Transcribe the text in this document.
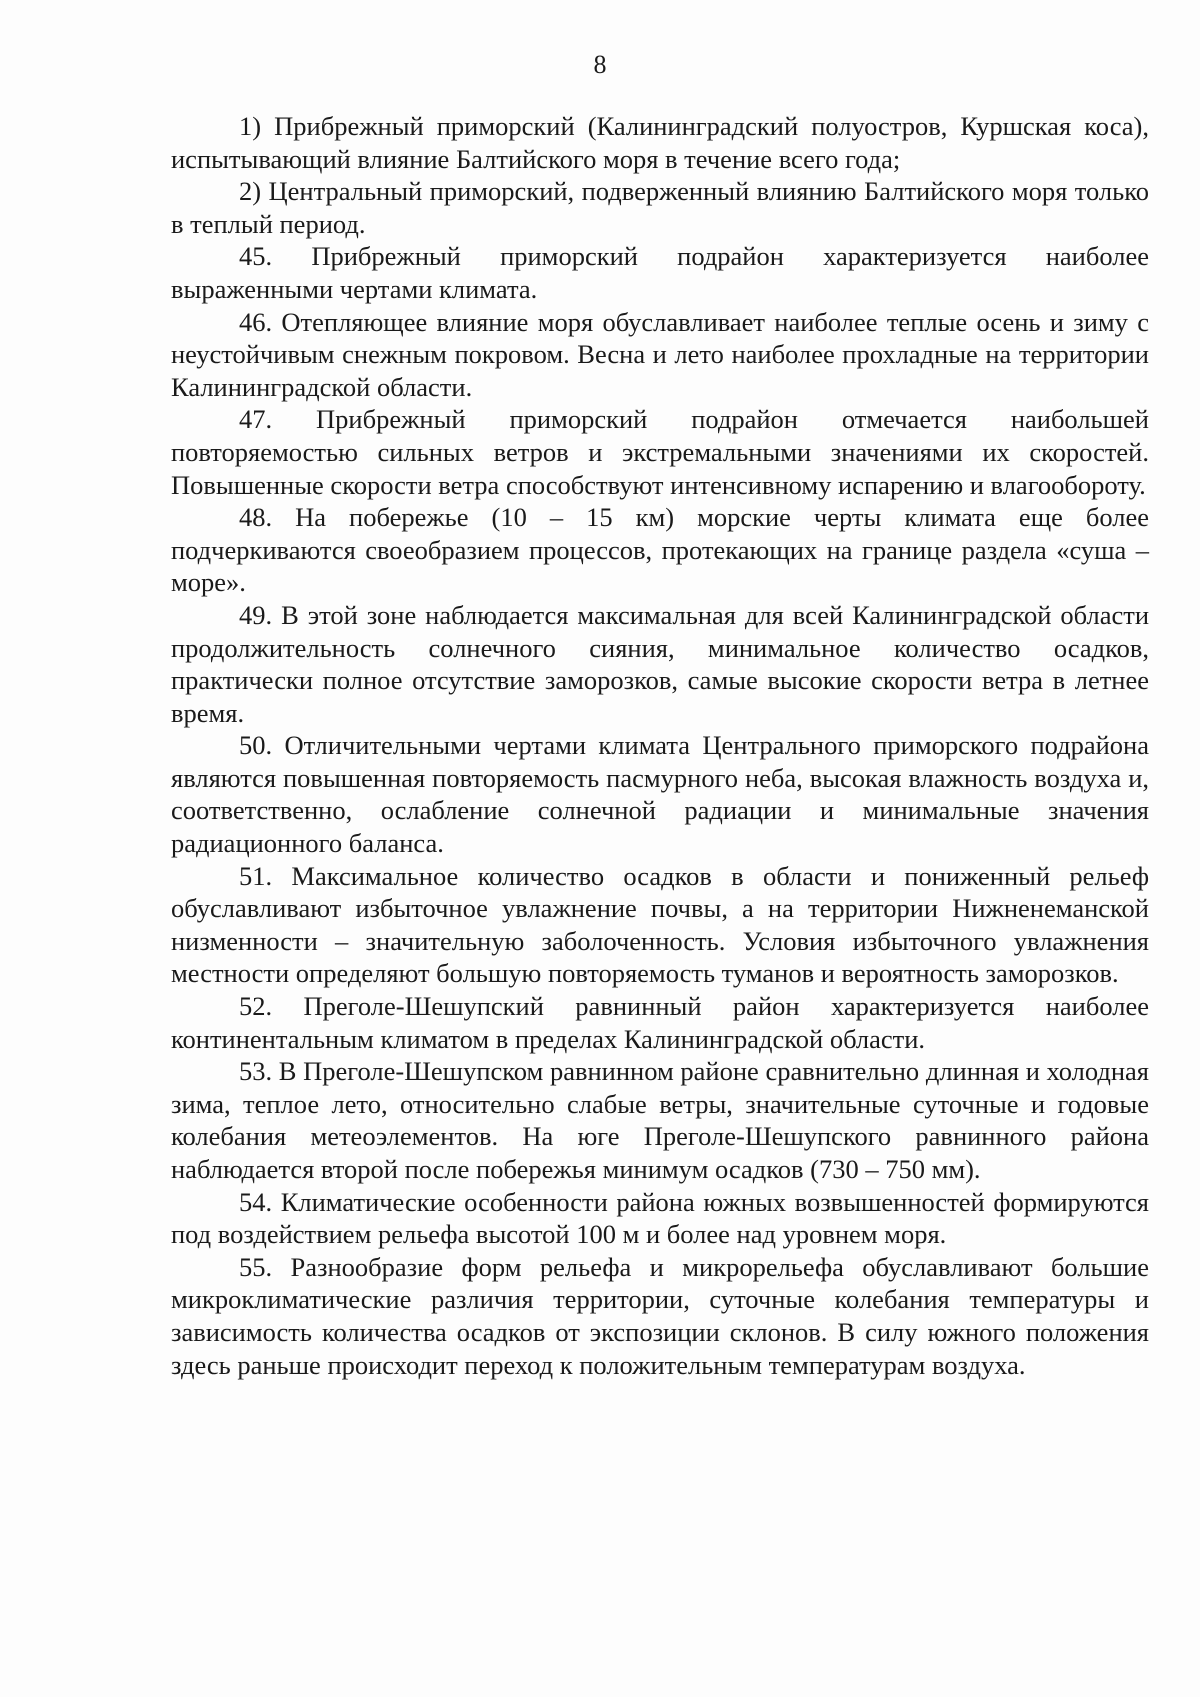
8

1) Прибрежный приморский (Калининградский полуостров, Куршская коса), испытывающий влияние Балтийского моря в течение всего года;

2) Центральный приморский, подверженный влиянию Балтийского моря только в теплый период.

45. Прибрежный приморский подрайон характеризуется наиболее выраженными чертами климата.

46. Отепляющее влияние моря обуславливает наиболее теплые осень и зиму с неустойчивым снежным покровом. Весна и лето наиболее прохладные на территории Калининградской области.

47. Прибрежный приморский подрайон отмечается наибольшей повторяемостью сильных ветров и экстремальными значениями их скоростей. Повышенные скорости ветра способствуют интенсивному испарению и влагообороту.

48. На побережье (10 – 15 км) морские черты климата еще более подчеркиваются своеобразием процессов, протекающих на границе раздела «суша – море».

49. В этой зоне наблюдается максимальная для всей Калининградской области продолжительность солнечного сияния, минимальное количество осадков, практически полное отсутствие заморозков, самые высокие скорости ветра в летнее время.

50. Отличительными чертами климата Центрального приморского подрайона являются повышенная повторяемость пасмурного неба, высокая влажность воздуха и, соответственно, ослабление солнечной радиации и минимальные значения радиационного баланса.

51. Максимальное количество осадков в области и пониженный рельеф обуславливают избыточное увлажнение почвы, а на территории Нижненеманской низменности – значительную заболоченность. Условия избыточного увлажнения местности определяют большую повторяемость туманов и вероятность заморозков.

52. Преголе-Шешупский равнинный район характеризуется наиболее континентальным климатом в пределах Калининградской области.

53. В Преголе-Шешупском равнинном районе сравнительно длинная и холодная зима, теплое лето, относительно слабые ветры, значительные суточные и годовые колебания метеоэлементов. На юге Преголе-Шешупского равнинного района наблюдается второй после побережья минимум осадков (730 – 750 мм).

54. Климатические особенности района южных возвышенностей формируются под воздействием рельефа высотой 100 м и более над уровнем моря.

55. Разнообразие форм рельефа и микрорельефа обуславливают большие микроклиматические различия территории, суточные колебания температуры и зависимость количества осадков от экспозиции склонов. В силу южного положения здесь раньше происходит переход к положительным температурам воздуха.
